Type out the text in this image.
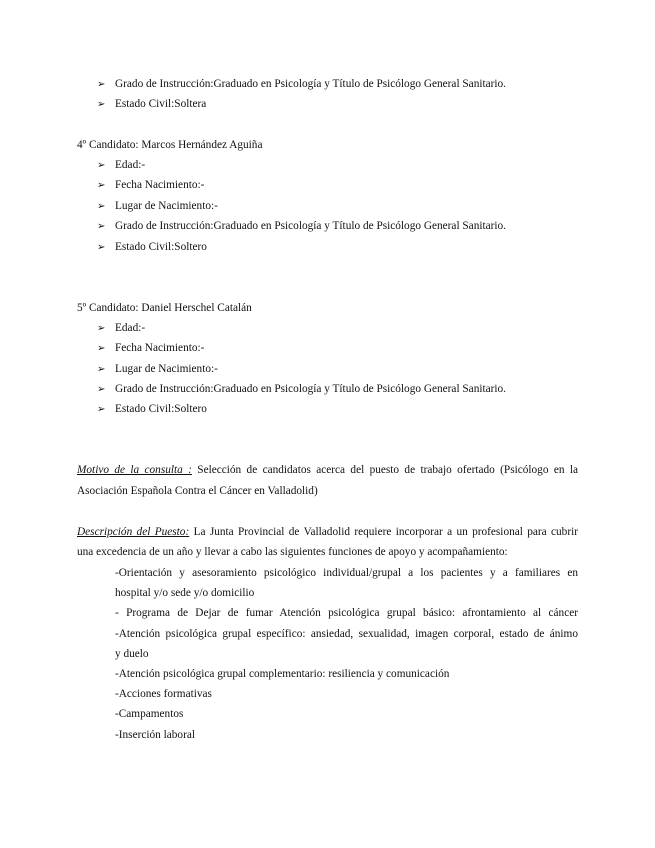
➢ Grado de Instrucción:Graduado en Psicología y Título de Psicólogo General Sanitario.
➢ Estado Civil:Soltera
4º Candidato: Marcos Hernández Aguiña
➢ Edad:-
➢ Fecha Nacimiento:-
➢ Lugar de Nacimiento:-
➢ Grado de Instrucción:Graduado en Psicología y Título de Psicólogo General Sanitario.
➢ Estado Civil:Soltero
5º Candidato: Daniel Herschel Catalán
➢ Edad:-
➢ Fecha Nacimiento:-
➢ Lugar de Nacimiento:-
➢ Grado de Instrucción:Graduado en Psicología y Título de Psicólogo General Sanitario.
➢ Estado Civil:Soltero
Motivo de la consulta : Selección de candidatos acerca del puesto de trabajo ofertado (Psicólogo en la
Asociación Española Contra el Cáncer en Valladolid)
Descripción del Puesto: La Junta Provincial de Valladolid requiere incorporar a un profesional para cubrir
una excedencia de un año y llevar a cabo las siguientes funciones de apoyo y acompañamiento:
-Orientación y asesoramiento psicológico individual/grupal a los pacientes y a familiares en
hospital y/o sede y/o domicilio
- Programa de Dejar de fumar Atención psicológica grupal básico: afrontamiento al cáncer
-Atención psicológica grupal específico: ansiedad, sexualidad, imagen corporal, estado de ánimo
y duelo
-Atención psicológica grupal complementario: resiliencia y comunicación
-Acciones formativas
-Campamentos
-Inserción laboral
